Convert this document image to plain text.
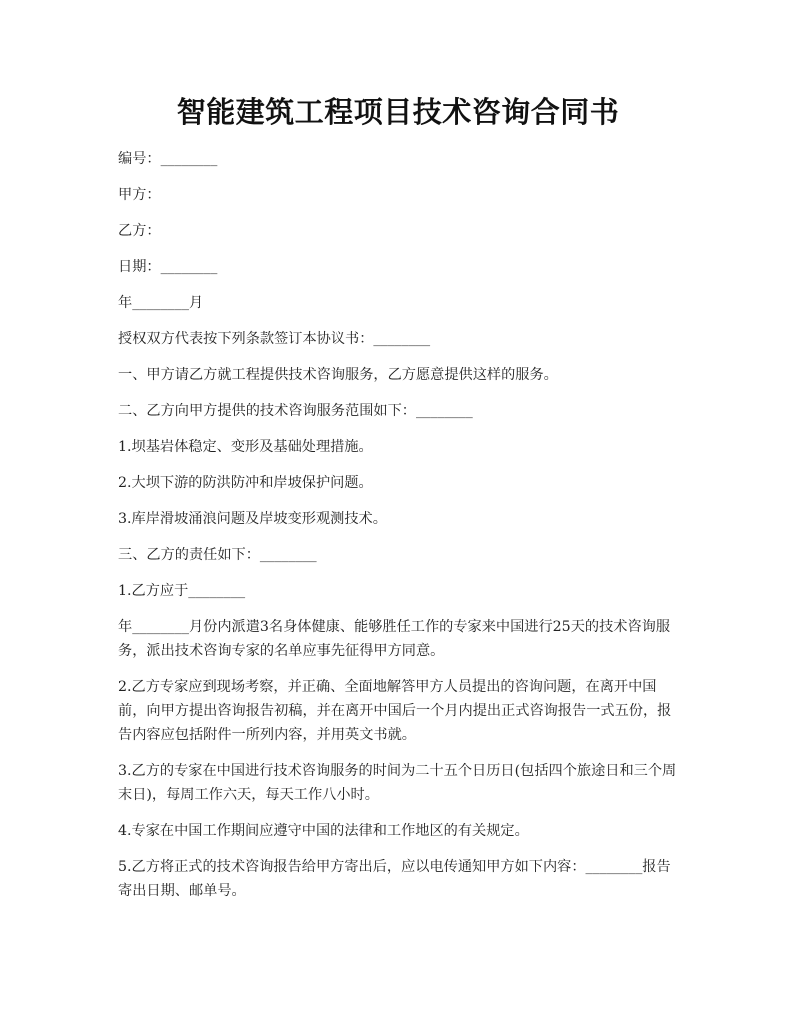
智能建筑工程项目技术咨询合同书

编号：________

甲方：

乙方：

日期：________

年________月

授权双方代表按下列条款签订本协议书：________

一、甲方请乙方就工程提供技术咨询服务，乙方愿意提供这样的服务。

二、乙方向甲方提供的技术咨询服务范围如下：________

1.坝基岩体稳定、变形及基础处理措施。

2.大坝下游的防洪防冲和岸坡保护问题。

3.库岸滑坡涌浪问题及岸坡变形观测技术。

三、乙方的责任如下：________

1.乙方应于________

年________月份内派遣3名身体健康、能够胜任工作的专家来中国进行25天的技术咨询服务，派出技术咨询专家的名单应事先征得甲方同意。

2.乙方专家应到现场考察，并正确、全面地解答甲方人员提出的咨询问题，在离开中国前，向甲方提出咨询报告初稿，并在离开中国后一个月内提出正式咨询报告一式五份，报告内容应包括附件一所列内容，并用英文书就。

3.乙方的专家在中国进行技术咨询服务的时间为二十五个日历日(包括四个旅途日和三个周末日)，每周工作六天，每天工作八小时。

4.专家在中国工作期间应遵守中国的法律和工作地区的有关规定。

5.乙方将正式的技术咨询报告给甲方寄出后，应以电传通知甲方如下内容：________报告寄出日期、邮单号。
